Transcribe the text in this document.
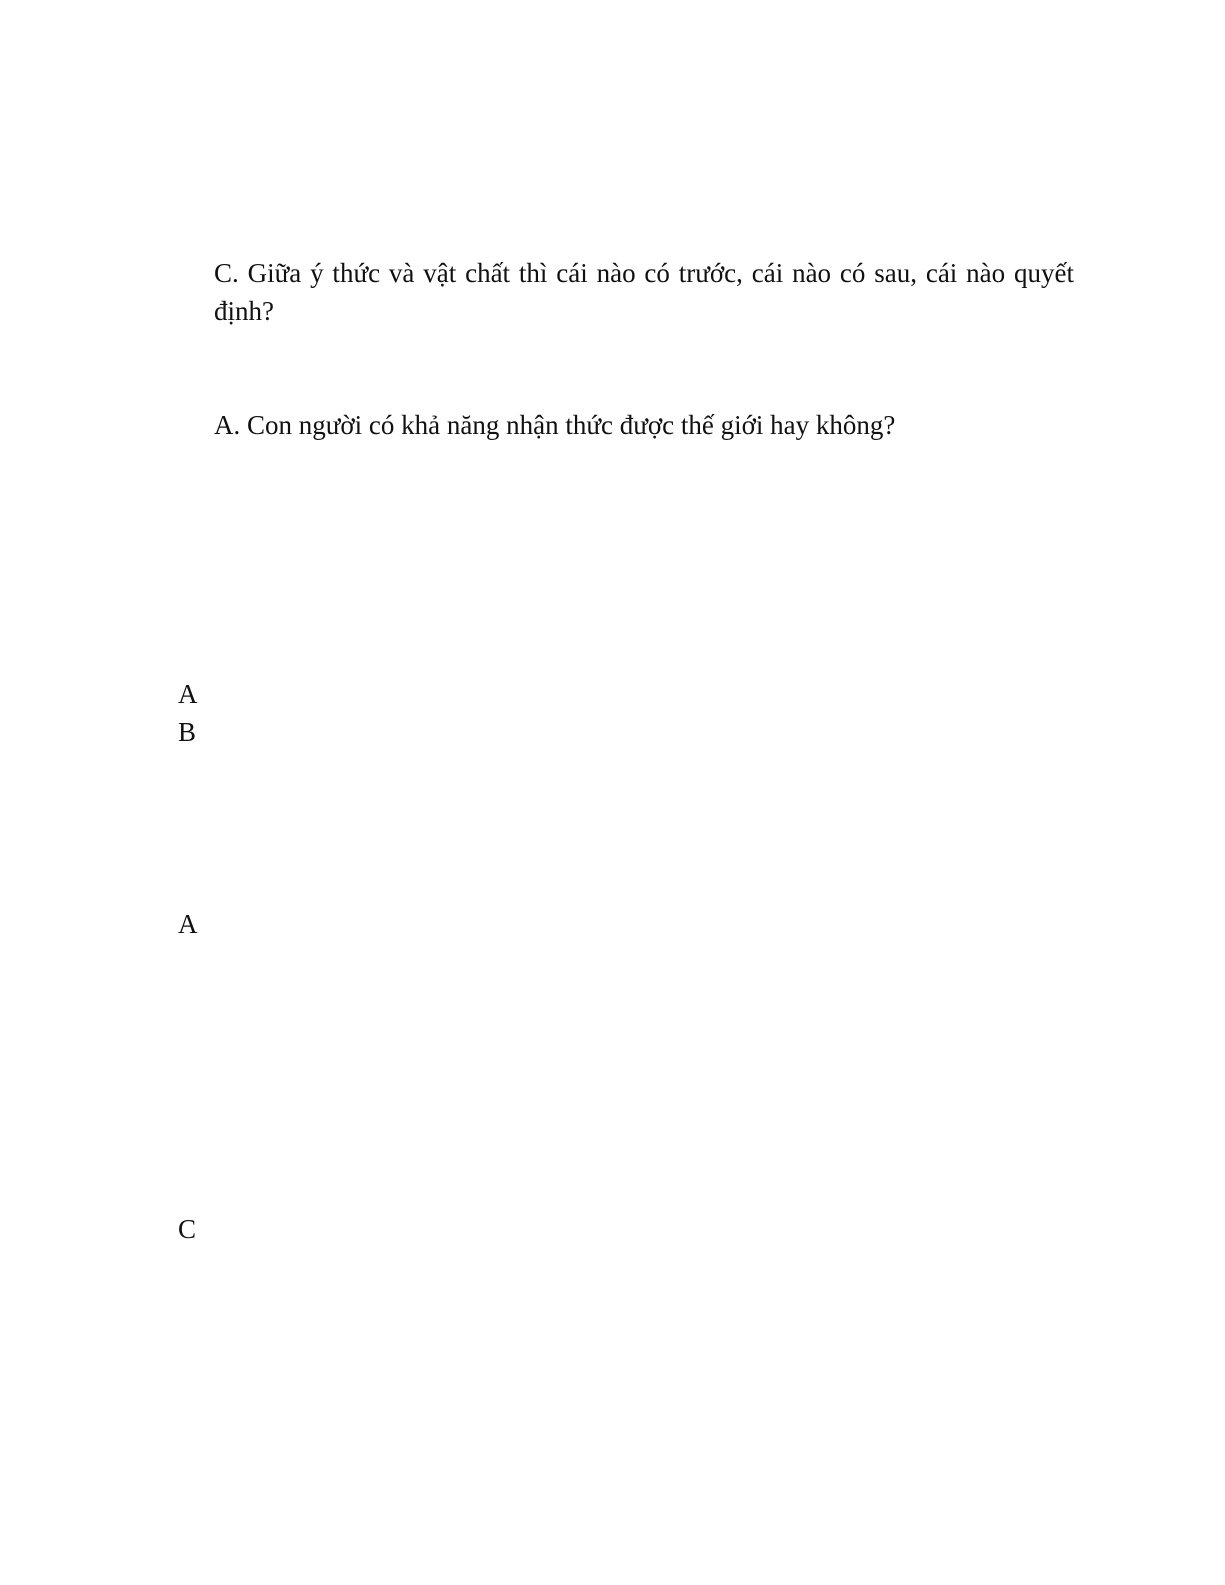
C. Giữa ý thức và vật chất thì cái nào có trước, cái nào có sau, cái nào quyết định?

A. Con người có khả năng nhận thức được thế giới hay không?

A

B

A

C
